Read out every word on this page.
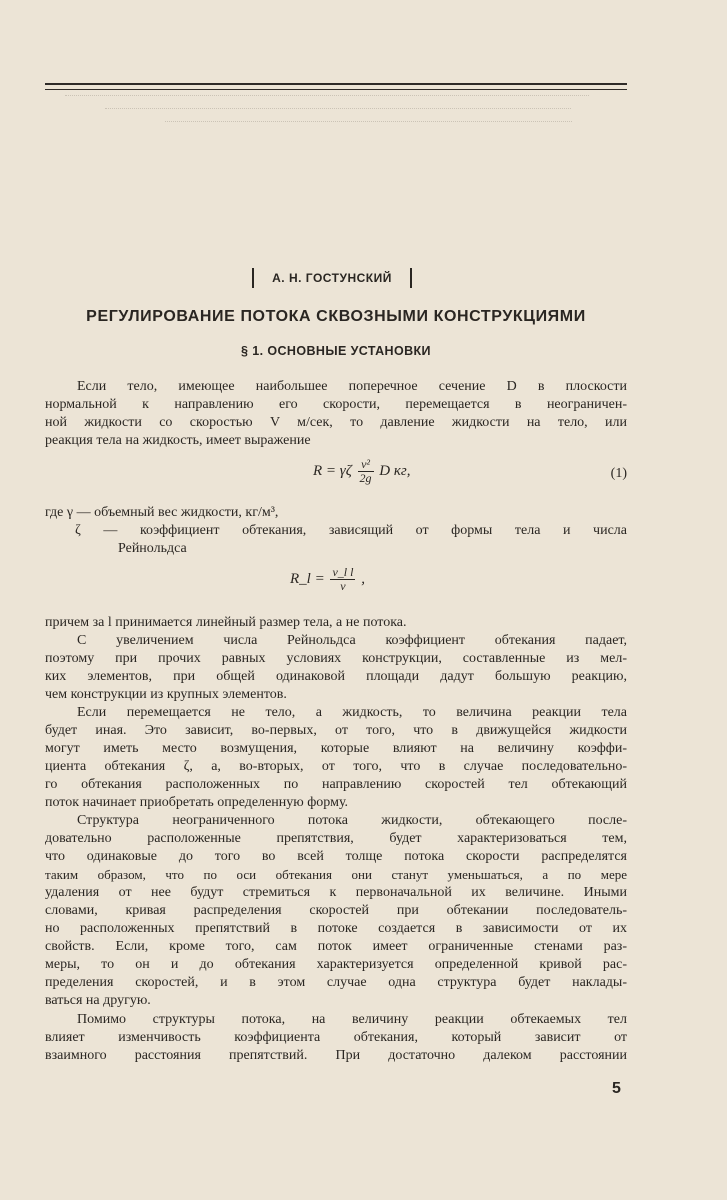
А. Н. ГОСТУНСКИЙ
РЕГУЛИРОВАНИЕ ПОТОКА СКВОЗНЫМИ КОНСТРУКЦИЯМИ
§ 1. ОСНОВНЫЕ УСТАНОВКИ
Если тело, имеющее наибольшее поперечное сечение D в плоскости
нормальной к направлению его скорости, перемещается в неограничен-
ной жидкости со скоростью V м/сек, то давление жидкости на тело, или
реакция тела на жидкость, имеет выражение
R = γζ $\frac{\text{v²}}{2g}$ D кг,	(1)
где γ — объемный вес жидкости, кг/м³,
ζ — коэффициент обтекания, зависящий от формы тела и числа
Рейнольдса
R_l = $\frac{\text{v\_l l}}{\nu}$ ,
причем за l принимается линейный размер тела, а не потока.
С увеличением числа Рейнольдса коэффициент обтекания падает,
поэтому при прочих равных условиях конструкции, составленные из мел-
ких элементов, при общей одинаковой площади дадут большую реакцию,
чем конструкции из крупных элементов.
Если перемещается не тело, а жидкость, то величина реакции тела
будет иная. Это зависит, во-первых, от того, что в движущейся жидкости
могут иметь место возмущения, которые влияют на величину коэффи-
циента обтекания ζ, а, во-вторых, от того, что в случае последовательно-
го обтекания расположенных по направлению скоростей тел обтекающий
поток начинает приобретать определенную форму.
Структура неограниченного потока жидкости, обтекающего после-
довательно расположенные препятствия, будет характеризоваться тем,
что одинаковые до того во всей толще потока скорости распределятся
таким образом, что по оси обтекания они станут уменьшаться, а по мере
удаления от нее будут стремиться к первоначальной их величине. Иными
словами, кривая распределения скоростей при обтекании последователь-
но расположенных препятствий в потоке создается в зависимости от их
свойств. Если, кроме того, сам поток имеет ограниченные стенами раз-
меры, то он и до обтекания характеризуется определенной кривой рас-
пределения скоростей, и в этом случае одна структура будет наклады-
ваться на другую.
Помимо структуры потока, на величину реакции обтекаемых тел
влияет изменчивость коэффициента обтекания, который зависит от
взаимного расстояния препятствий. При достаточно далеком расстоянии
5
